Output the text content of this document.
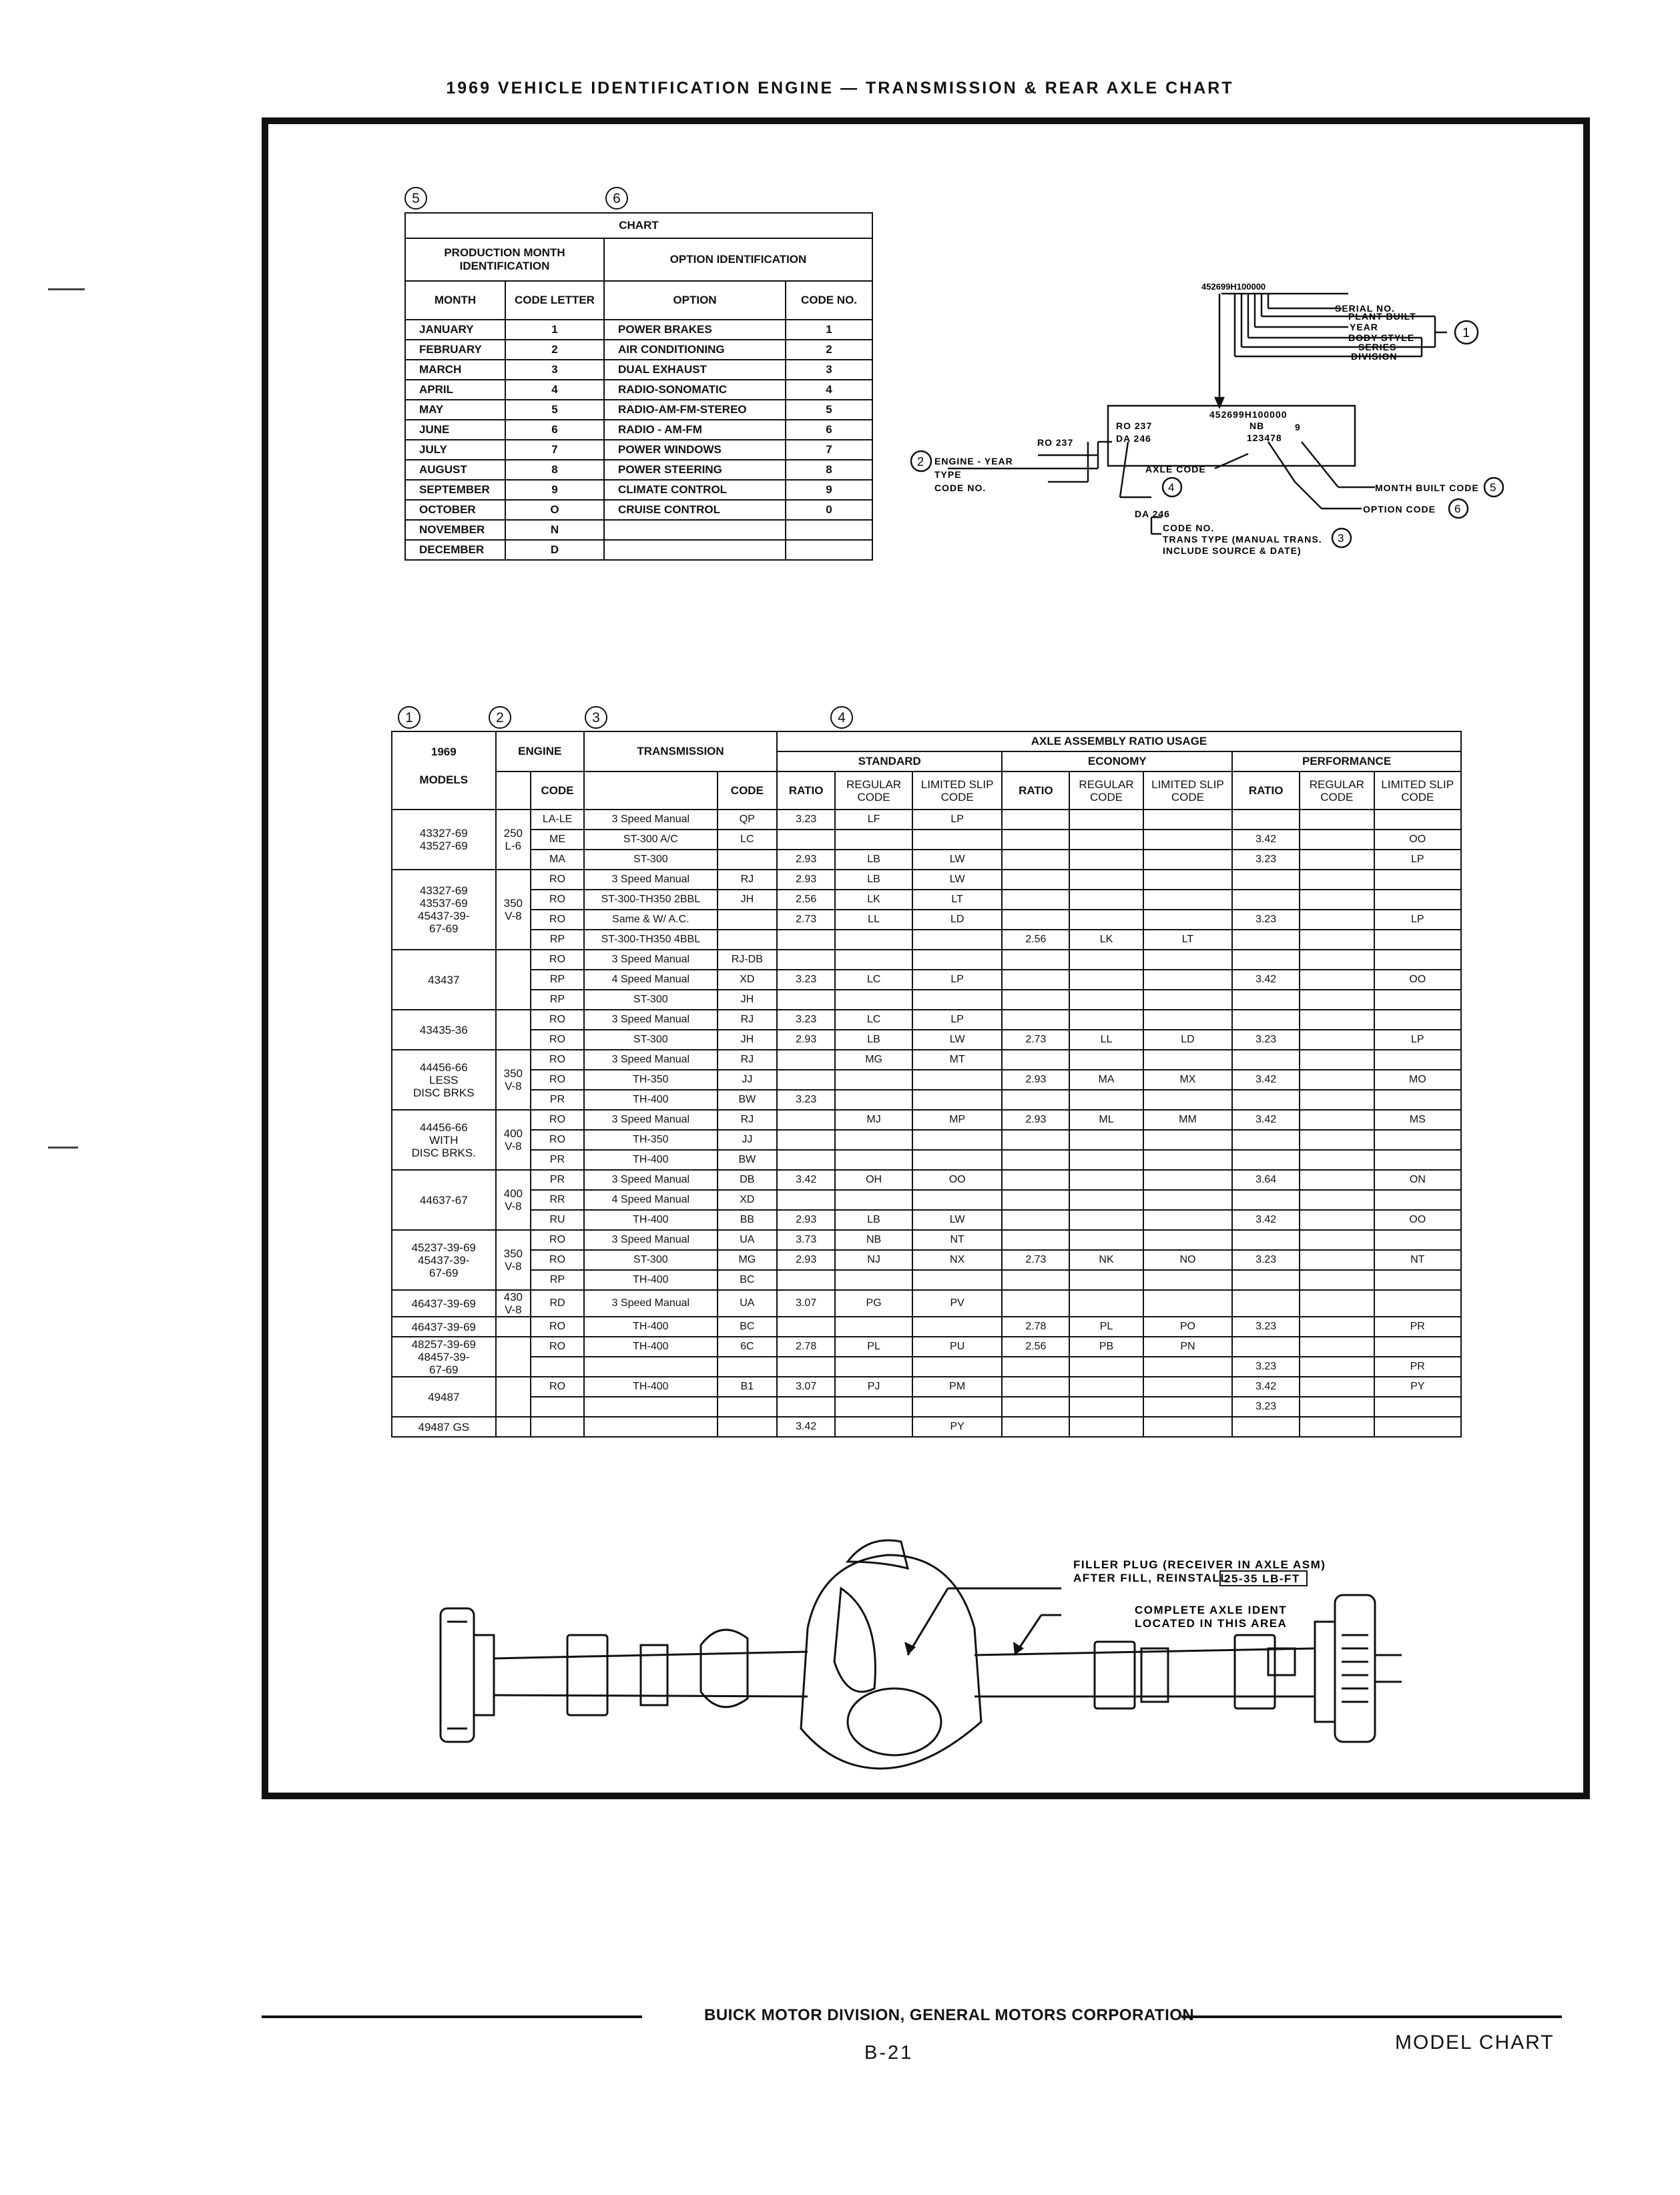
1969 VEHICLE IDENTIFICATION ENGINE — TRANSMISSION & REAR AXLE CHART
5	6
CHART			
PRODUCTION MONTH IDENTIFICATION		OPTION IDENTIFICATION	
MONTH	CODE LETTER	OPTION	CODE NO.
JANUARY	1	POWER BRAKES	1
FEBRUARY	2	AIR CONDITIONING	2
MARCH	3	DUAL EXHAUST	3
APRIL	4	RADIO-SONOMATIC	4
MAY	5	RADIO-AM-FM-STEREO	5
JUNE	6	RADIO - AM-FM	6
JULY	7	POWER WINDOWS	7
AUGUST	8	POWER STEERING	8
SEPTEMBER	9	CLIMATE CONTROL	9
OCTOBER	O	CRUISE CONTROL	0
NOVEMBER	N		
DECEMBER	D		
452699H100000
SERIAL NO.
PLANT BUILT
YEAR
BODY STYLE
SERIES
DIVISION
1
452699H100000
RO 237
DA 246
NB
123478
9
RO 237
2 ENGINE - YEAR
TYPE
CODE NO.
AXLE CODE
4	MONTH BUILT CODE 5
OPTION CODE 6
DA 246
CODE NO.
TRANS TYPE (MANUAL TRANS. 3
INCLUDE SOURCE & DATE)
1	2	3	4
1969	ENGINE		TRANSMISSION		AXLE ASSEMBLY RATIO USAGE								
					STANDARD			ECONOMY			PERFORMANCE		
MODELS		CODE		CODE	RATIO	REGULAR CODE	LIMITED SLIP CODE	RATIO	REGULAR CODE	LIMITED SLIP CODE	RATIO	REGULAR CODE	LIMITED SLIP CODE
43327-69
43527-69	250
L-6	LA-LE	3 Speed Manual	QP	3.23	LF	LP						
		ME	ST-300 A/C	LC							3.42		OO
		MA	ST-300		2.93	LB	LW				3.23		LP
43327-69
43537-69
45437-39-
67-69	350
V-8	RO	3 Speed Manual	RJ	2.93	LB	LW						
		RO	ST-300-TH350 2BBL	JH	2.56	LK	LT						
		RO	Same & W/ A.C.		2.73	LL	LD				3.23		LP
		RP	ST-300-TH350 4BBL					2.56	LK	LT			
43437		RO	3 Speed Manual	RJ-DB									
		RP	4 Speed Manual	XD	3.23	LC	LP				3.42		OO
		RP	ST-300	JH									
43435-36		RO	3 Speed Manual	RJ	3.23	LC	LP						
		RO	ST-300	JH	2.93	LB	LW	2.73	LL	LD	3.23		LP
44456-66
LESS
DISC BRKS	350
V-8	RO	3 Speed Manual	RJ		MG	MT						
		RO	TH-350	JJ				2.93	MA	MX	3.42		MO
		PR	TH-400	BW	3.23								
44456-66
WITH
DISC BRKS.	400
V-8	RO	3 Speed Manual	RJ		MJ	MP	2.93	ML	MM	3.42		MS
		RO	TH-350	JJ									
		PR	TH-400	BW									
44637-67	400
V-8	PR	3 Speed Manual	DB	3.42	OH	OO				3.64		ON
		RR	4 Speed Manual	XD									
		RU	TH-400	BB	2.93	LB	LW				3.42		OO
45237-39-69
45437-39-
67-69	350
V-8	RO	3 Speed Manual	UA	3.73	NB	NT						
		RO	ST-300	MG	2.93	NJ	NX	2.73	NK	NO	3.23		NT
		RP	TH-400	BC									
46437-39-69	430
V-8	RD	3 Speed Manual	UA	3.07	PG	PV						
46437-39-69		RO	TH-400	BC				2.78	PL	PO	3.23		PR
48257-39-69
48457-39-
67-69		RO	TH-400	6C	2.78	PL	PU	2.56	PB	PN			
											3.23		PR
49487		RO	TH-400	B1	3.07	PJ	PM				3.42		PY
											3.23		
49487 GS					3.42		PY						
FILLER PLUG (RECEIVER IN AXLE ASM)
AFTER FILL, REINSTALL
25-35 LB-FT
COMPLETE AXLE IDENT
LOCATED IN THIS AREA
BUICK MOTOR DIVISION, GENERAL MOTORS CORPORATION
B-21	MODEL CHART
